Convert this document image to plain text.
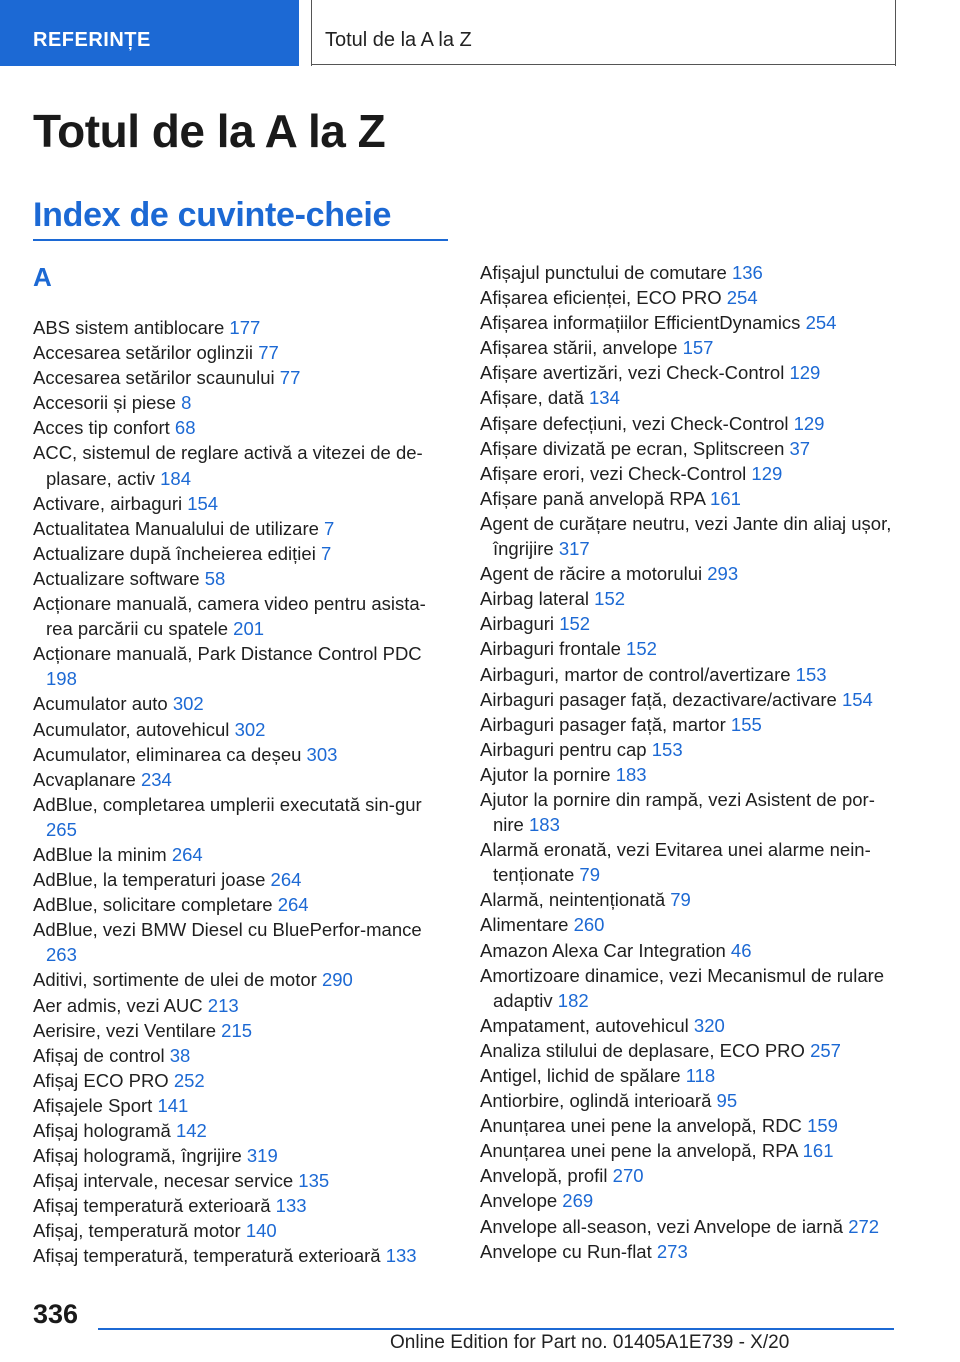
REFERINȚE	Totul de la A la Z
Totul de la A la Z
Index de cuvinte-cheie
A
ABS sistem antiblocare 177
Accesarea setărilor oglinzii 77
Accesarea setărilor scaunului 77
Accesorii și piese 8
Acces tip confort 68
ACC, sistemul de reglare activă a vitezei de de-plasare, activ 184
Activare, airbaguri 154
Actualitatea Manualului de utilizare 7
Actualizare după încheierea ediției 7
Actualizare software 58
Acționare manuală, camera video pentru asista-rea parcării cu spatele 201
Acționare manuală, Park Distance Control PDC 198
Acumulator auto 302
Acumulator, autovehicul 302
Acumulator, eliminarea ca deșeu 303
Acvaplanare 234
AdBlue, completarea umplerii executată sin-gur 265
AdBlue la minim 264
AdBlue, la temperaturi joase 264
AdBlue, solicitare completare 264
AdBlue, vezi BMW Diesel cu BluePerfor-mance 263
Aditivi, sortimente de ulei de motor 290
Aer admis, vezi AUC 213
Aerisire, vezi Ventilare 215
Afișaj de control 38
Afișaj ECO PRO 252
Afișajele Sport 141
Afișaj hologramă 142
Afișaj hologramă, îngrijire 319
Afișaj intervale, necesar service 135
Afișaj temperatură exterioară 133
Afișaj, temperatură motor 140
Afișaj temperatură, temperatură exterioară 133
Afișajul punctului de comutare 136
Afișarea eficienței, ECO PRO 254
Afișarea informațiilor EfficientDynamics 254
Afișarea stării, anvelope 157
Afișare avertizări, vezi Check-Control 129
Afișare, dată 134
Afișare defecțiuni, vezi Check-Control 129
Afișare divizată pe ecran, Splitscreen 37
Afișare erori, vezi Check-Control 129
Afișare pană anvelopă RPA 161
Agent de curățare neutru, vezi Jante din aliaj ușor, îngrijire 317
Agent de răcire a motorului 293
Airbag lateral 152
Airbaguri 152
Airbaguri frontale 152
Airbaguri, martor de control/avertizare 153
Airbaguri pasager față, dezactivare/activare 154
Airbaguri pasager față, martor 155
Airbaguri pentru cap 153
Ajutor la pornire 183
Ajutor la pornire din rampă, vezi Asistent de por-nire 183
Alarmă eronată, vezi Evitarea unei alarme nein-tenționate 79
Alarmă, neintenționată 79
Alimentare 260
Amazon Alexa Car Integration 46
Amortizoare dinamice, vezi Mecanismul de rulare adaptiv 182
Ampatament, autovehicul 320
Analiza stilului de deplasare, ECO PRO 257
Antigel, lichid de spălare 118
Antiorbire, oglindă interioară 95
Anunțarea unei pene la anvelopă, RDC 159
Anunțarea unei pene la anvelopă, RPA 161
Anvelopă, profil 270
Anvelope 269
Anvelope all-season, vezi Anvelope de iarnă 272
Anvelope cu Run-flat 273
336
Online Edition for Part no. 01405A1E739 - X/20
